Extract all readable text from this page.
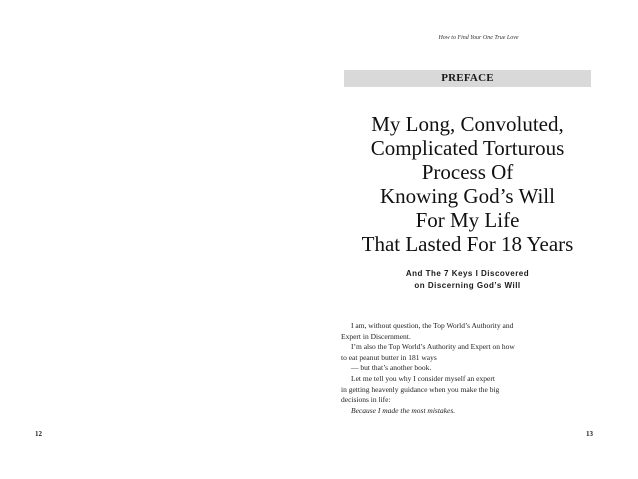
12
How to Find Your One True Love
PREFACE
My Long, Convoluted,
Complicated Torturous
Process Of
Knowing God’s Will
For My Life
That Lasted For 18 Years
And The 7 Keys I Discovered
on Discerning God’s Will

I am, without question, the Top World’s Authority and

Expert in Discernment.

I’m also the Top World’s Authority and Expert on how

to eat peanut butter in 181 ways

— but that’s another book.

Let me tell you why I consider myself an expert

in getting heavenly guidance when you make the big

decisions in life:

Because I made the most mistakes.

13
